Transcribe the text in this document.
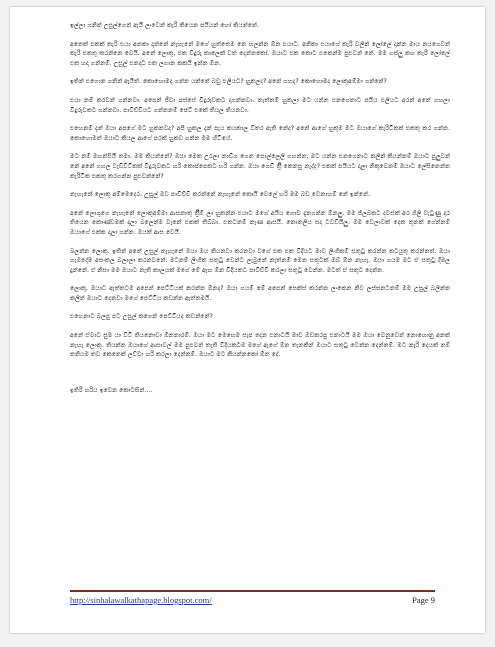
ඉල්ලා ගනින් උසුල්ගෙන් ඇයි ලංවෙන් කැරි කියෙන පයියන් හෝ කියන්නේ.

අනෙක් එකක් කැරි එයා අනකා දාන්නේ නැහැනේ මගේ හුත්තෙම නෙ හලන්න ඕන එයාට. අනිකා එයාගේ කැරි වලින් ලෝලේ දාන්න මාය නයගෙවන් කැරි එකතු කරන්නෙ වෙයි. අනේ ලොකු, එක විදුරු කාලෙක් වත් දෙන්නකෝ. ඔයාට එක කොට එකෙන්ම පුළුවන් නේ. මම ගස්ලු කහ කැරි ලෝලේ එක හදා ගන්නම්. උසුල් එනදාට එක ලගාන කකයි ඉන්න ඕන.

ඉතින් එගොන ගනින් ඇයිත්. කොහොමද ගන්න යන්නේ බඩු එලියට? හුකලද? අනේ ගහද? කොහොමද ලොකුඅම්මා ගන්නේ?

එයා නම් කරවන් ගන්නවා. අපෙන් ජීවා පස්සේ විදුරුවකට දාගන්නවා. නැත්නම් හුකලා මට යන්න එනගෙනාට පයිය එලියට අරන් අනේ ගහලා විදුරුවකට ගන්නවා. පාවිච්චියට ගන්නනම් ජෙට් එකේ තියල තියනවා.

එහෙනම් දැන් ඔයා අපගේ මට හුකනවද? අපි හුකල දැන් පැය කයකාල වීතර ඇති නේද? අනේ ආගේ හුකුම මට ඔයාගේ කැරිටිකක් එකතු කර ගන්න. කොහොමත් ඔයාට කියල ආගේ පරක් හුකව ගන්න මම හිටියේ.

මට නම් මහන්සියි තමා. මම කියන්නේ? ඔයා මෙක උරලා නාඩිග ගෙන පොල්ලෙලි ගහන්න, මට යන්න එනගෙනාට කලින් කියන්නම් ඔයාට පුලුවන් නේ අනේ ගහල වැඩිවිටිකක් විදුරුවකට හරි කොප්පෙකට හරි ගන්න. ඔයා ගෙඩි ත්‍රිී කෙනසු නැද්ද? එකක් පයියට දාලා නිකුවෙනම් ඔයාට ලේසිනෙන්න කැරිටික එකතු කරගන්න පුළුවන්නේ?

නැහැනේ ලොකු අම්මෙදෙර. උසුල් ඔව පාවිච්චි කරන්නේ නැහැනේ කොයි වෙලේ හරි මම බඩ වෙනාහම් නේ ඉන්නේ.

අනේ ලොගුගෙ නැහැනේ ලොකුඅම්මා ආසනාතු ත්‍රිීම් ලා හුකන්න එයාට මගේ අයිය ගොඩ දැනගන්න ඕනලු. මම ජිලබකට දවසක් අර ගිලි වැටුණු දාර තියෙන කොණ්ඩමක් දාලා බලෙන්ම වැනේ එකක් තිබ්බා. එකටනම් නැණ ආසයි. නොනලිය සද ටවඩියිලු. මම වෙලාවක් දෙක තුනක් ගේන්නම් ඔයාගේ එක්ක දාලා ගන්න. ඔයත් ආස වෙයි.

බලන්න ලොකු. ඉතින් අනේ උසුල් නැහැනේ ඔයා ඔය කියනවා කරනවා වගේ එක එක විදියට මාව ලිංගිකම් සතුටු කරන්න කටයුතු කරන්නත්. ඔයා හැමදේම අසංකල බලාලා කරනවනේ. මටනම් ලිංගික සතුටු වෙන්ට ලැබුනේ නැත්නම් මෙන සතුටක් ඔබ් ඕන නැහැ. ඔයා ගයම මට ඒ සතුටු දීමල දුන්නේ. ඒ නිසා මම ඔයාට නැති කාලයක් මගේ මේ ඇඟ ඕන විදියකට පාවිච්චි කරලා සතුටු වෙන්න. මටත් ඒ සතුට දෙන්න.

ලොකු, ඔයාට ඇත්තටම අපෙන් පෙට්ටියක් කරන්න ඕනද? ඔයා ගයම් මේ අපෙන් සෙක්ස් කරන්න ලංකෙන නිව ලස්සනටනම් මම උසුල් බලින්න කලින් ඔයාට දෙනවා මගේ පෙට්ටිය කඩන්න ඇත්තමයි.

එහෙනාට බලපු පට උසුල් කගෙන් පෙට්ටියද කඩන්නේ?

අනේ ඒවාට සුම යා වීටි තියනොවා ඕනනාරම්. ඔයා මට මෙහෙම සැප දෙන එනාටයි මාව ඔඩකරපු එනාටයි මම ඔයා වෙනුවෙන් නොහොනු අනක් නැහැ ලොකු. තියන්න ඔයාගේ ආසාවල් මම පුළුවන් තැති විදියකටම මගේ ඇගේ ඕන තැනකින් ඔයාට සතුටු වෙන්න දෙන්නම්. මට නැරි දෙයක් නම් තනියම තව කෙනෙක් ලව්වා හරි කරලා දෙන්නම්. ඔයාට මට කියන්නකෝ ඕන දේ.

ඉතිරි හරිය ඉවෙන කොටසින්....

http://sinhalawalkathapage.blogspot.com/	Page 9
